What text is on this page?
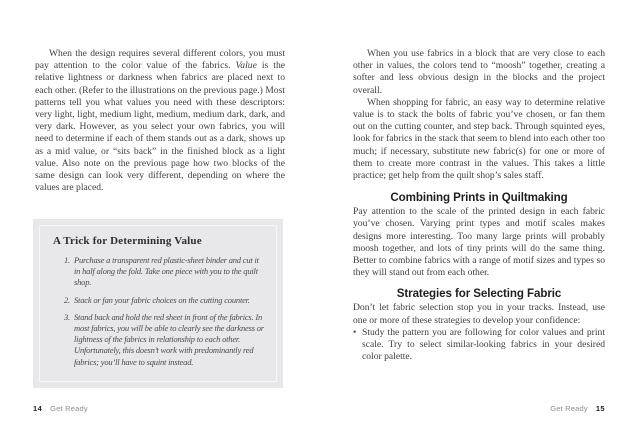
When the design requires several different colors, you must pay attention to the color value of the fabrics. Value is the relative lightness or darkness when fabrics are placed next to each other. (Refer to the illustrations on the previous page.) Most patterns tell you what values you need with these descriptors: very light, light, medium light, medium, medium dark, dark, and very dark. However, as you select your own fabrics, you will need to determine if each of them stands out as a dark, shows up as a mid value, or “sits back” in the finished block as a light value. Also note on the previous page how two blocks of the same design can look very different, depending on where the values are placed.

A Trick for Determining Value
1. Purchase a transparent red plastic-sheet binder and cut it in half along the fold. Take one piece with you to the quilt shop.
2. Stack or fan your fabric choices on the cutting counter.
3. Stand back and hold the red sheet in front of the fabrics. In most fabrics, you will be able to clearly see the darkness or lightness of the fabrics in relationship to each other. Unfortunately, this doesn’t work with predominantly red fabrics; you’ll have to squint instead.
14 Get Ready

When you use fabrics in a block that are very close to each other in values, the colors tend to “moosh” together, creating a softer and less obvious design in the blocks and the project overall.

When shopping for fabric, an easy way to determine relative value is to stack the bolts of fabric you’ve chosen, or fan them out on the cutting counter, and step back. Through squinted eyes, look for fabrics in the stack that seem to blend into each other too much; if necessary, substitute new fabric(s) for one or more of them to create more contrast in the values. This takes a little practice; get help from the quilt shop’s sales staff.

Combining Prints in Quiltmaking

Pay attention to the scale of the printed design in each fabric you’ve chosen. Varying print types and motif scales makes designs more interesting. Too many large prints will probably moosh together, and lots of tiny prints will do the same thing. Better to combine fabrics with a range of motif sizes and types so they will stand out from each other.

Strategies for Selecting Fabric

Don’t let fabric selection stop you in your tracks. Instead, use one or more of these strategies to develop your confidence:

• Study the pattern you are following for color values and print scale. Try to select similar-looking fabrics in your desired color palette.
Get Ready 15
